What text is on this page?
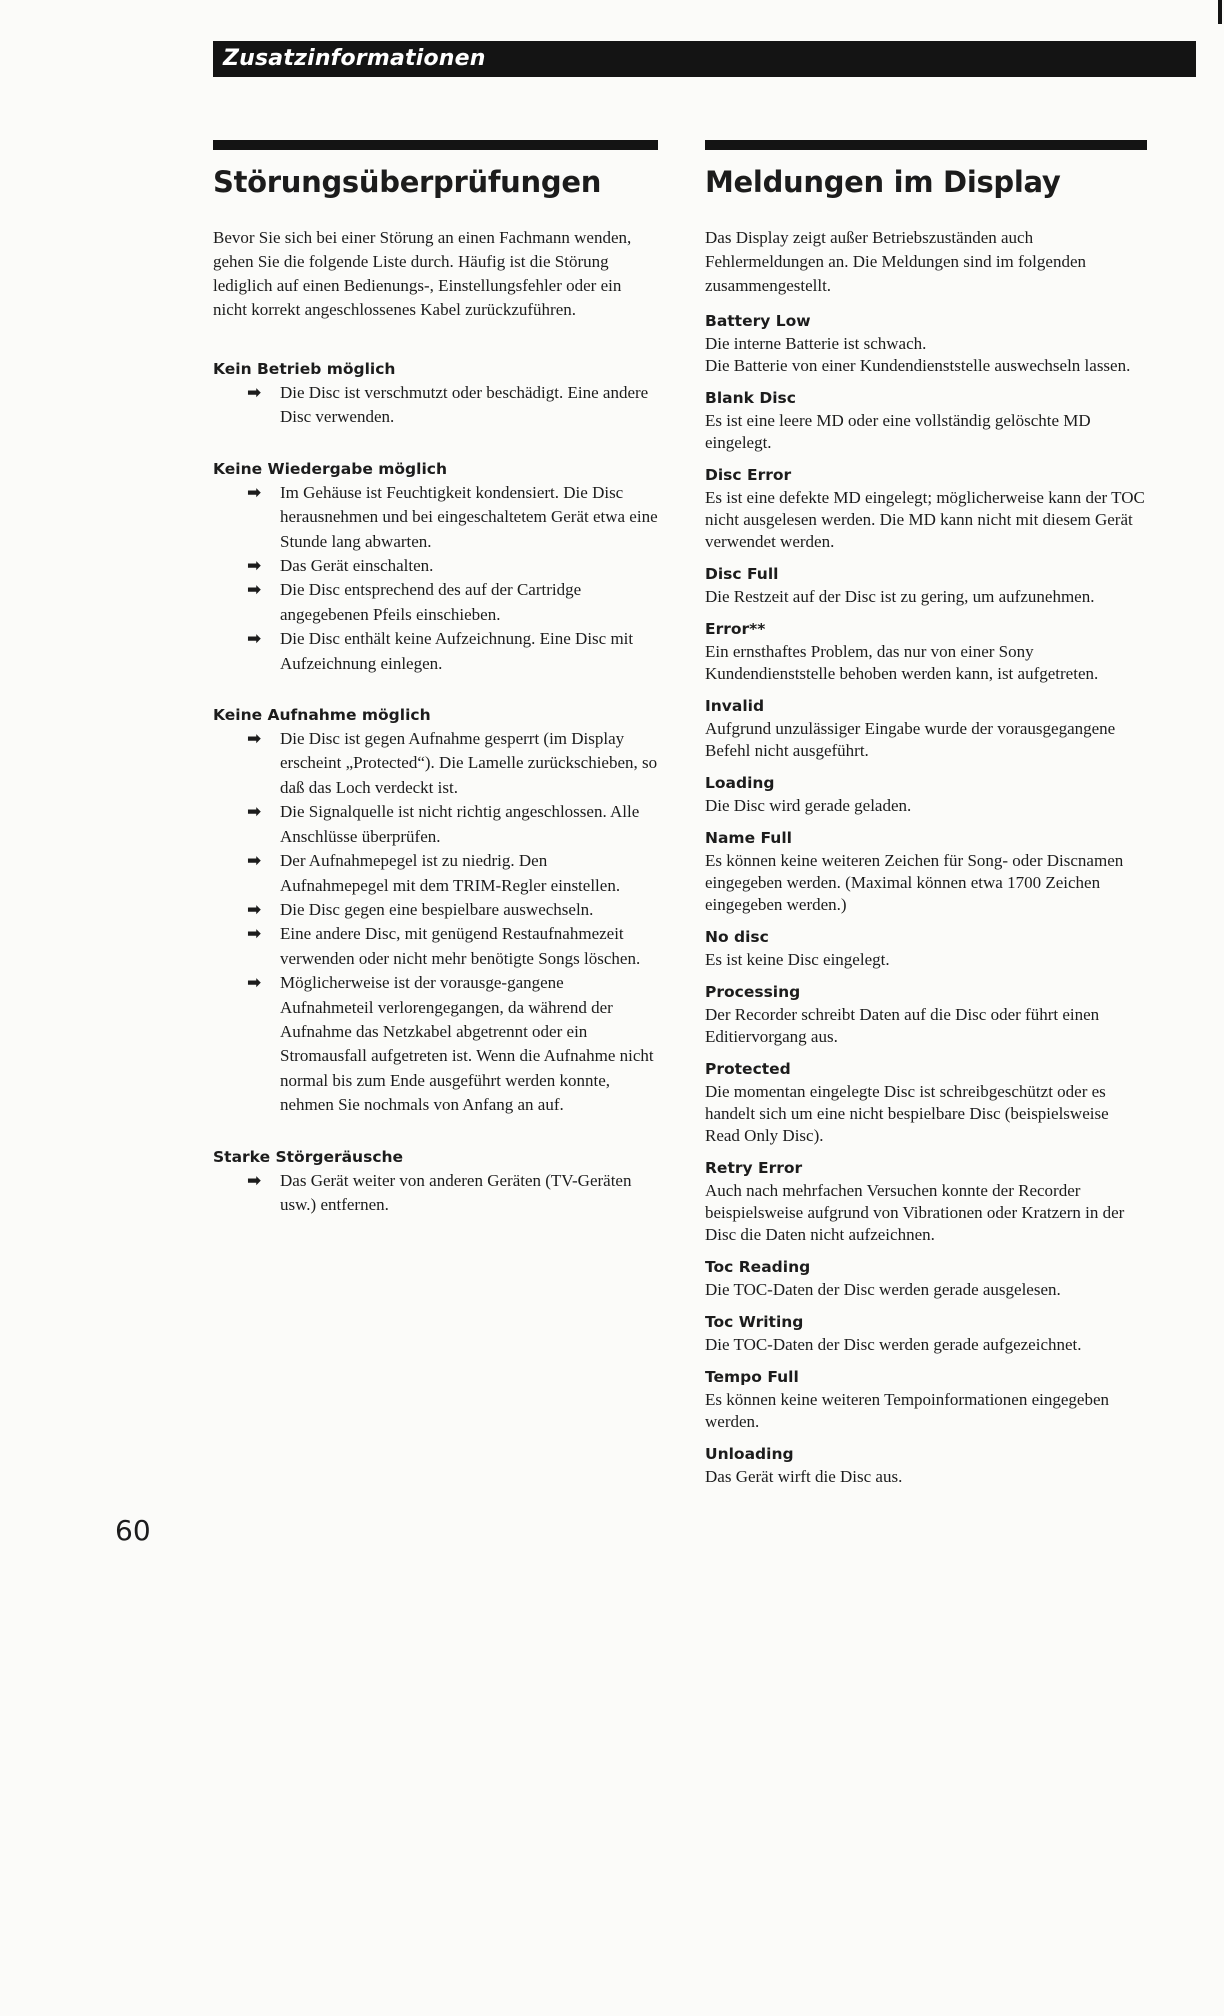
Zusatzinformationen
Störungsüberprüfungen
Bevor Sie sich bei einer Störung an einen Fachmann wenden, gehen Sie die folgende Liste durch. Häufig ist die Störung lediglich auf einen Bedienungs-, Einstellungsfehler oder ein nicht korrekt angeschlossenes Kabel zurückzuführen.
Kein Betrieb möglich
➡ Die Disc ist verschmutzt oder beschädigt. Eine andere Disc verwenden.
Keine Wiedergabe möglich
➡ Im Gehäuse ist Feuchtigkeit kondensiert. Die Disc herausnehmen und bei eingeschaltetem Gerät etwa eine Stunde lang abwarten.
➡ Das Gerät einschalten.
➡ Die Disc entsprechend des auf der Cartridge angegebenen Pfeils einschieben.
➡ Die Disc enthält keine Aufzeichnung. Eine Disc mit Aufzeichnung einlegen.
Keine Aufnahme möglich
➡ Die Disc ist gegen Aufnahme gesperrt (im Display erscheint „Protected“). Die Lamelle zurückschieben, so daß das Loch verdeckt ist.
➡ Die Signalquelle ist nicht richtig angeschlossen. Alle Anschlüsse überprüfen.
➡ Der Aufnahmepegel ist zu niedrig. Den Aufnahmepegel mit dem TRIM-Regler einstellen.
➡ Die Disc gegen eine bespielbare auswechseln.
➡ Eine andere Disc, mit genügend Restaufnahmezeit verwenden oder nicht mehr benötigte Songs löschen.
➡ Möglicherweise ist der vorausge-gangene Aufnahmeteil verlorengegangen, da während der Aufnahme das Netzkabel abgetrennt oder ein Stromausfall aufgetreten ist. Wenn die Aufnahme nicht normal bis zum Ende ausgeführt werden konnte, nehmen Sie nochmals von Anfang an auf.
Starke Störgeräusche
➡ Das Gerät weiter von anderen Geräten (TV-Geräten usw.) entfernen.
Meldungen im Display
Das Display zeigt außer Betriebszuständen auch Fehlermeldungen an. Die Meldungen sind im folgenden zusammengestellt.
Battery Low
Die interne Batterie ist schwach.
Die Batterie von einer Kundendienststelle auswechseln lassen.
Blank Disc
Es ist eine leere MD oder eine vollständig gelöschte MD eingelegt.
Disc Error
Es ist eine defekte MD eingelegt; möglicherweise kann der TOC nicht ausgelesen werden. Die MD kann nicht mit diesem Gerät verwendet werden.
Disc Full
Die Restzeit auf der Disc ist zu gering, um aufzunehmen.
Error**
Ein ernsthaftes Problem, das nur von einer Sony Kundendienststelle behoben werden kann, ist aufgetreten.
Invalid
Aufgrund unzulässiger Eingabe wurde der vorausgegangene Befehl nicht ausgeführt.
Loading
Die Disc wird gerade geladen.
Name Full
Es können keine weiteren Zeichen für Song- oder Discnamen eingegeben werden. (Maximal können etwa 1700 Zeichen eingegeben werden.)
No disc
Es ist keine Disc eingelegt.
Processing
Der Recorder schreibt Daten auf die Disc oder führt einen Editiervorgang aus.
Protected
Die momentan eingelegte Disc ist schreibgeschützt oder es handelt sich um eine nicht bespielbare Disc (beispielsweise Read Only Disc).
Retry Error
Auch nach mehrfachen Versuchen konnte der Recorder beispielsweise aufgrund von Vibrationen oder Kratzern in der Disc die Daten nicht aufzeichnen.
Toc Reading
Die TOC-Daten der Disc werden gerade ausgelesen.
Toc Writing
Die TOC-Daten der Disc werden gerade aufgezeichnet.
Tempo Full
Es können keine weiteren Tempoinformationen eingegeben werden.
Unloading
Das Gerät wirft die Disc aus.
60
